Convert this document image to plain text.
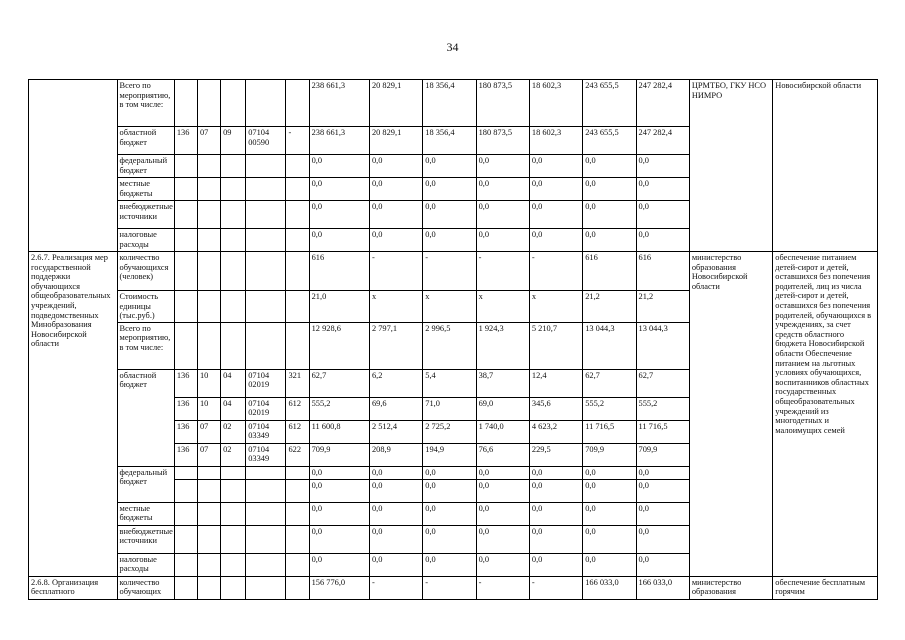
34
	Всего по мероприятию, в том числе:						238 661,3	20 829,1	18 356,4	180 873,5	18 602,3	243 655,5	247 282,4	ЦРМТБО, ГКУ НСО НИМРО	Новосибирской области
	областной бюджет	136	07	09	07104 00590	-	238 661,3	20 829,1	18 356,4	180 873,5	18 602,3	243 655,5	247 282,4		
	федеральный бюджет						0,0	0,0	0,0	0,0	0,0	0,0	0,0		
	местные бюджеты						0,0	0,0	0,0	0,0	0,0	0,0	0,0		
	внебюджетные источники						0,0	0,0	0,0	0,0	0,0	0,0	0,0		
	налоговые расходы						0,0	0,0	0,0	0,0	0,0	0,0	0,0		
2.6.7. Реализация мер государственной поддержки обучающихся общеобразовательных учреждений, подведомственных Минобразования Новосибирской области	количество обучающихся (человек)						616	-	-	-	-	616	616	министерство образования Новосибирской области	обеспечение питанием детей-сирот и детей, оставшихся без попечения родителей, лиц из числа детей-сирот и детей, оставшихся без попечения родителей, обучающихся в учреждениях, за счет средств областного бюджета Новосибирской области Обеспечение питанием на льготных условиях обучающихся, воспитанников областных государственных общеобразовательных учреждений из многодетных и малоимущих семей
	Стоимость единицы (тыс.руб.)						21,0	x	x	x	x	21,2	21,2		
	Всего по мероприятию, в том числе:						12 928,6	2 797,1	2 996,5	1 924,3	5 210,7	13 044,3	13 044,3		
	областной бюджет	136	10	04	07104 02019	321	62,7	6,2	5,4	38,7	12,4	62,7	62,7		
		136	10	04	07104 02019	612	555,2	69,6	71,0	69,0	345,6	555,2	555,2		
		136	07	02	07104 03349	612	11 600,8	2 512,4	2 725,2	1 740,0	4 623,2	11 716,5	11 716,5		
		136	07	02	07104 03349	622	709,9	208,9	194,9	76,6	229,5	709,9	709,9		
	федеральный бюджет						0,0	0,0	0,0	0,0	0,0	0,0	0,0		
							0,0	0,0	0,0	0,0	0,0	0,0	0,0		
	местные бюджеты						0,0	0,0	0,0	0,0	0,0	0,0	0,0		
	внебюджетные источники						0,0	0,0	0,0	0,0	0,0	0,0	0,0		
	налоговые расходы						0,0	0,0	0,0	0,0	0,0	0,0	0,0		
2.6.8. Организация бесплатного	количество обучающих						156 776,0	-	-	-	-	166 033,0	166 033,0	министерство образования	обеспечение бесплатным горячим
